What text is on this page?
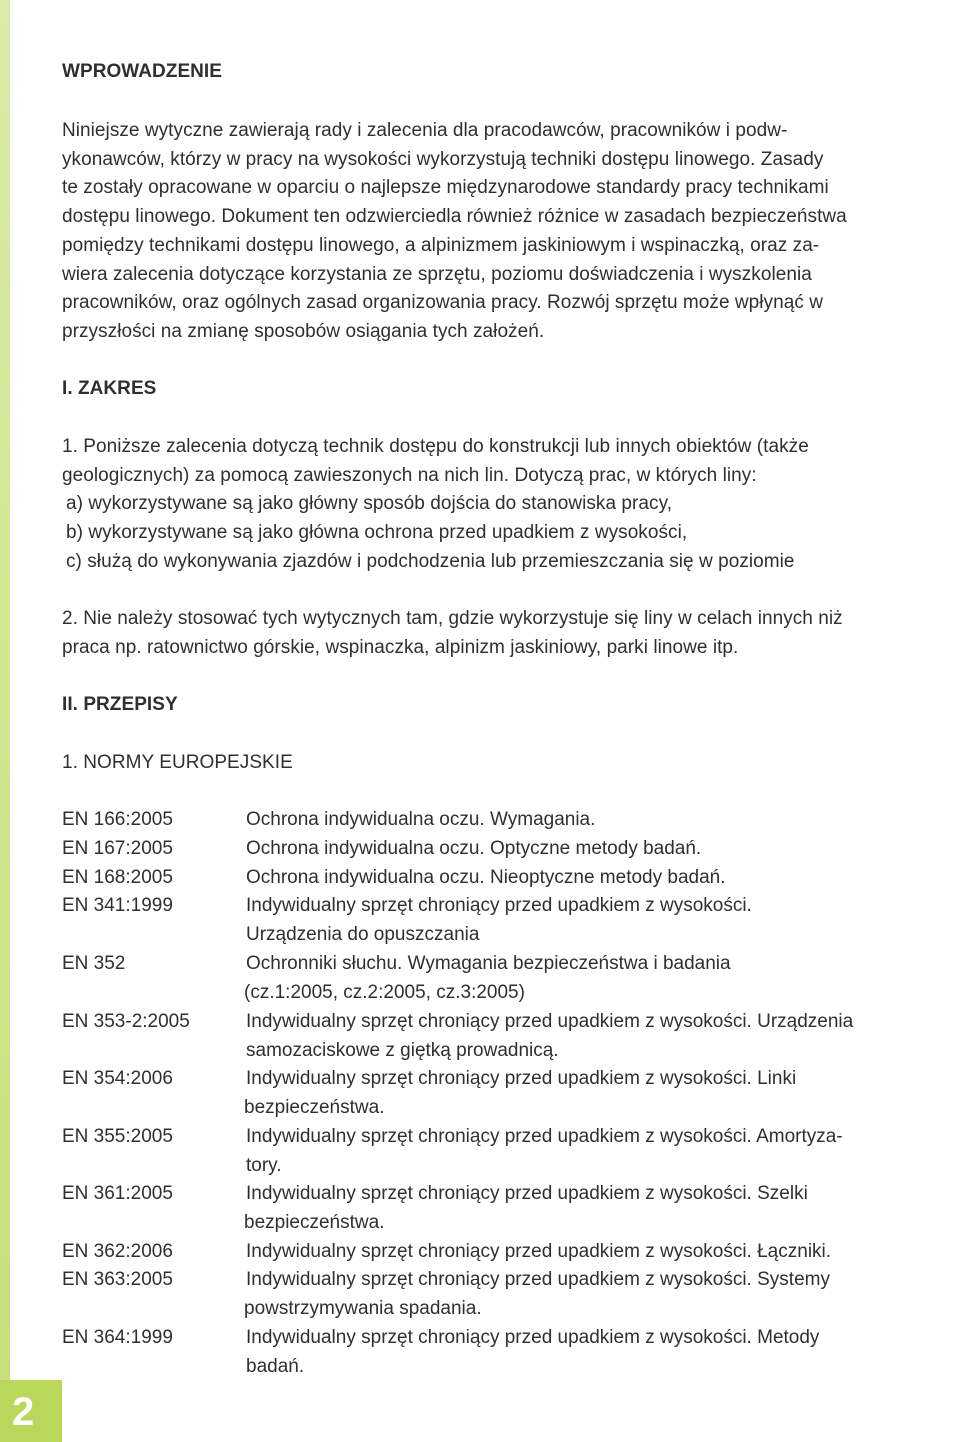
2

WPROWADZENIE

Niniejsze wytyczne zawierają rady i zalecenia dla pracodawców, pracowników i podw-

ykonawców, którzy w pracy na wysokości wykorzystują techniki dostępu linowego. Zasady

te zostały opracowane w oparciu o najlepsze międzynarodowe standardy pracy technikami

dostępu linowego. Dokument ten odzwierciedla również różnice w zasadach bezpieczeństwa

pomiędzy technikami dostępu linowego, a alpinizmem jaskiniowym i wspinaczką, oraz za-

wiera zalecenia dotyczące korzystania ze sprzętu, poziomu doświadczenia i wyszkolenia

pracowników, oraz ogólnych zasad organizowania pracy. Rozwój sprzętu może wpłynąć w

przyszłości na zmianę sposobów osiągania tych założeń.

I. ZAKRES

1. Poniższe zalecenia dotyczą technik dostępu do konstrukcji lub innych obiektów (także

geologicznych) za pomocą zawieszonych na nich lin. Dotyczą prac, w których liny:

a) wykorzystywane są jako główny sposób dojścia do stanowiska pracy,

b) wykorzystywane są jako główna ochrona przed upadkiem z wysokości,

c) służą do wykonywania zjazdów i podchodzenia lub przemieszczania się w poziomie

2. Nie należy stosować tych wytycznych tam, gdzie wykorzystuje się liny w celach innych niż

praca np. ratownictwo górskie, wspinaczka, alpinizm jaskiniowy, parki linowe itp.

II. PRZEPISY

1. NORMY EUROPEJSKIE

EN 166:2005	Ochrona indywidualna oczu. Wymagania.

EN 167:2005	Ochrona indywidualna oczu. Optyczne metody badań.

EN 168:2005	Ochrona indywidualna oczu. Nieoptyczne metody badań.

EN 341:1999	Indywidualny sprzęt chroniący przed upadkiem z wysokości.

Urządzenia do opuszczania

EN 352	Ochronniki słuchu. Wymagania bezpieczeństwa i badania

(cz.1:2005, cz.2:2005, cz.3:2005)

EN 353-2:2005	Indywidualny sprzęt chroniący przed upadkiem z wysokości. Urządzenia

samozaciskowe z giętką prowadnicą.

EN 354:2006	Indywidualny sprzęt chroniący przed upadkiem z wysokości. Linki

bezpieczeństwa.

EN 355:2005	Indywidualny sprzęt chroniący przed upadkiem z wysokości. Amortyza-

tory.

EN 361:2005	Indywidualny sprzęt chroniący przed upadkiem z wysokości. Szelki

bezpieczeństwa.

EN 362:2006	Indywidualny sprzęt chroniący przed upadkiem z wysokości. Łączniki.

EN 363:2005	Indywidualny sprzęt chroniący przed upadkiem z wysokości. Systemy

powstrzymywania spadania.

EN 364:1999	Indywidualny sprzęt chroniący przed upadkiem z wysokości. Metody

badań.
